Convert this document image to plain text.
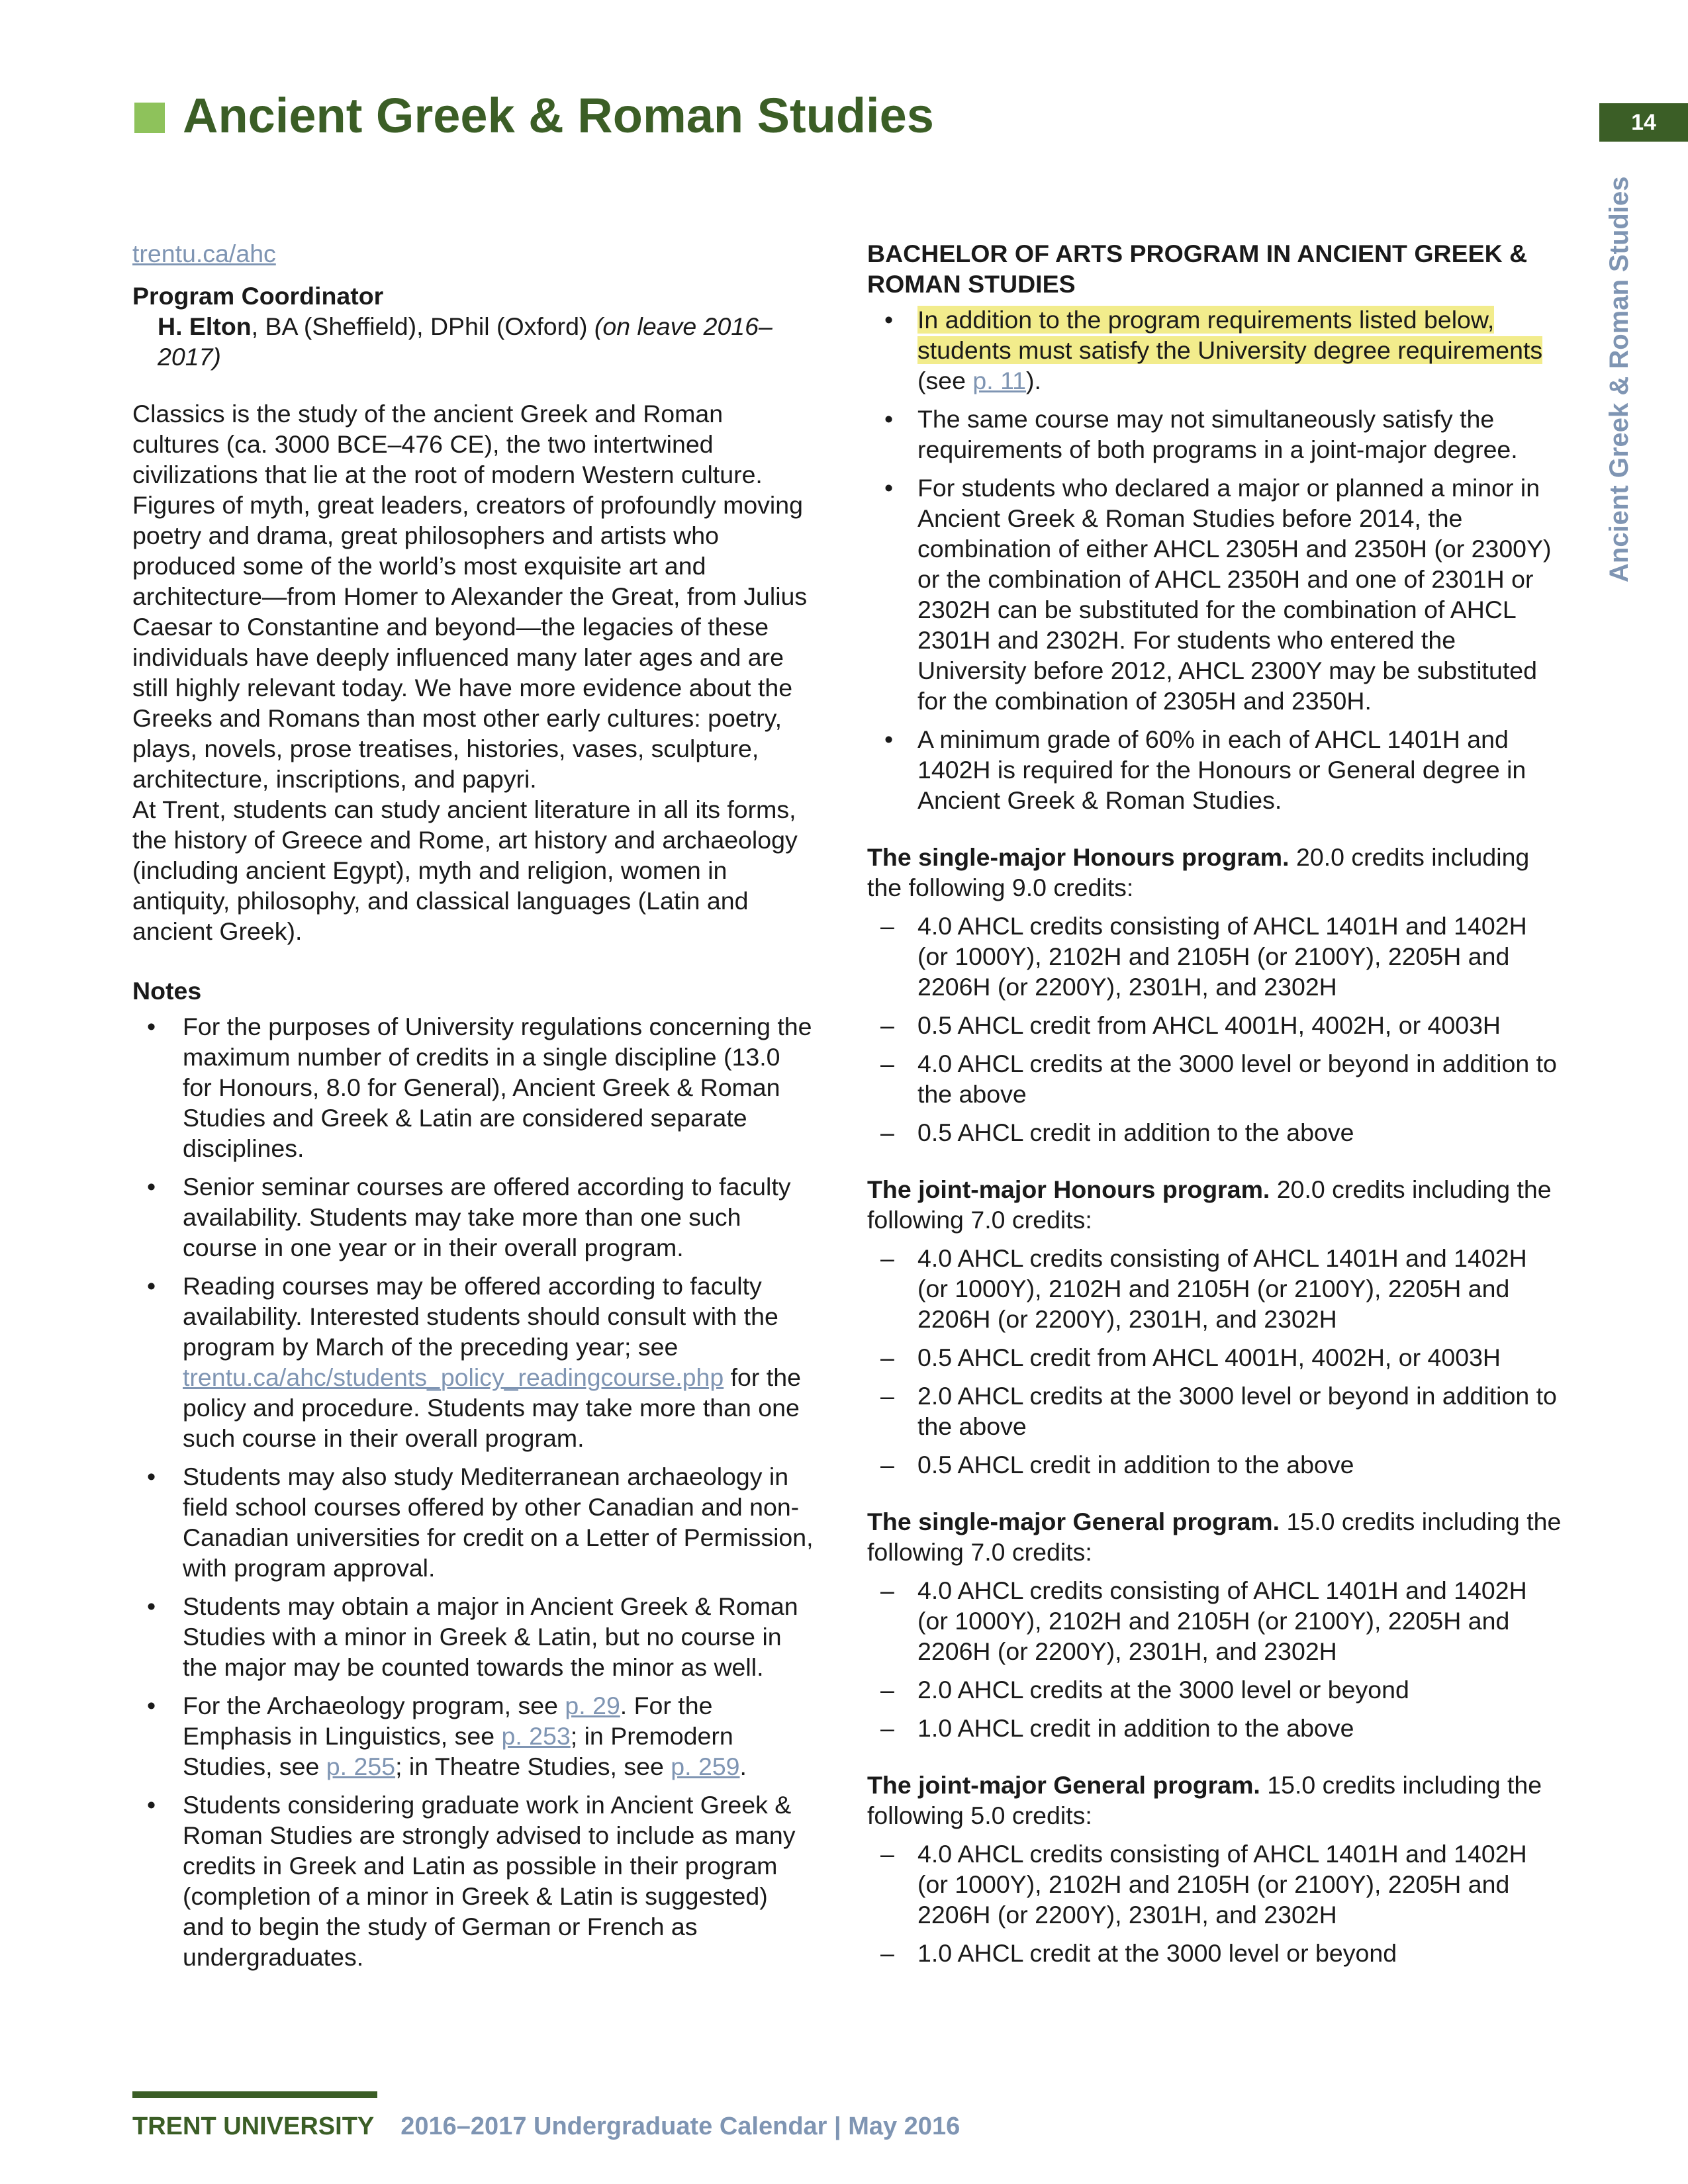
Ancient Greek & Roman Studies	14
Ancient Greek & Roman Studies
trentu.ca/ahc

Program Coordinator

H. Elton, BA (Sheffield), DPhil (Oxford) (on leave 2016–2017)

Classics is the study of the ancient Greek and Roman cultures (ca. 3000 BCE–476 CE), the two intertwined civilizations that lie at the root of modern Western culture. Figures of myth, great leaders, creators of profoundly moving poetry and drama, great philosophers and artists who produced some of the world’s most exquisite art and architecture—from Homer to Alexander the Great, from Julius Caesar to Constantine and beyond—the legacies of these individuals have deeply influenced many later ages and are still highly relevant today. We have more evidence about the Greeks and Romans than most other early cultures: poetry, plays, novels, prose treatises, histories, vases, sculpture, architecture, inscriptions, and papyri.

At Trent, students can study ancient literature in all its forms, the history of Greece and Rome, art history and archaeology (including ancient Egypt), myth and religion, women in antiquity, philosophy, and classical languages (Latin and ancient Greek).

Notes

• For the purposes of University regulations concerning the maximum number of credits in a single discipline (13.0 for Honours, 8.0 for General), Ancient Greek & Roman Studies and Greek & Latin are considered separate disciplines.
• Senior seminar courses are offered according to faculty availability. Students may take more than one such course in one year or in their overall program.
• Reading courses may be offered according to faculty availability. Interested students should consult with the program by March of the preceding year; see trentu.ca/ahc/students_policy_readingcourse.php for the policy and procedure. Students may take more than one such course in their overall program.
• Students may also study Mediterranean archaeology in field school courses offered by other Canadian and non-Canadian universities for credit on a Letter of Permission, with program approval.
• Students may obtain a major in Ancient Greek & Roman Studies with a minor in Greek & Latin, but no course in the major may be counted towards the minor as well.
• For the Archaeology program, see p. 29. For the Emphasis in Linguistics, see p. 253; in Premodern Studies, see p. 255; in Theatre Studies, see p. 259.
• Students considering graduate work in Ancient Greek & Roman Studies are strongly advised to include as many credits in Greek and Latin as possible in their program (completion of a minor in Greek & Latin is suggested) and to begin the study of German or French as undergraduates.

BACHELOR OF ARTS PROGRAM IN ANCIENT GREEK & ROMAN STUDIES

• In addition to the program requirements listed below, students must satisfy the University degree requirements (see p. 11).
• The same course may not simultaneously satisfy the requirements of both programs in a joint-major degree.
• For students who declared a major or planned a minor in Ancient Greek & Roman Studies before 2014, the combination of either AHCL 2305H and 2350H (or 2300Y) or the combination of AHCL 2350H and one of 2301H or 2302H can be substituted for the combination of AHCL 2301H and 2302H. For students who entered the University before 2012, AHCL 2300Y may be substituted for the combination of 2305H and 2350H.
• A minimum grade of 60% in each of AHCL 1401H and 1402H is required for the Honours or General degree in Ancient Greek & Roman Studies.

The single-major Honours program. 20.0 credits including the following 9.0 credits:

– 4.0 AHCL credits consisting of AHCL 1401H and 1402H (or 1000Y), 2102H and 2105H (or 2100Y), 2205H and 2206H (or 2200Y), 2301H, and 2302H
– 0.5 AHCL credit from AHCL 4001H, 4002H, or 4003H
– 4.0 AHCL credits at the 3000 level or beyond in addition to the above
– 0.5 AHCL credit in addition to the above

The joint-major Honours program. 20.0 credits including the following 7.0 credits:

– 4.0 AHCL credits consisting of AHCL 1401H and 1402H (or 1000Y), 2102H and 2105H (or 2100Y), 2205H and 2206H (or 2200Y), 2301H, and 2302H
– 0.5 AHCL credit from AHCL 4001H, 4002H, or 4003H
– 2.0 AHCL credits at the 3000 level or beyond in addition to the above
– 0.5 AHCL credit in addition to the above

The single-major General program. 15.0 credits including the following 7.0 credits:

– 4.0 AHCL credits consisting of AHCL 1401H and 1402H (or 1000Y), 2102H and 2105H (or 2100Y), 2205H and 2206H (or 2200Y), 2301H, and 2302H
– 2.0 AHCL credits at the 3000 level or beyond
– 1.0 AHCL credit in addition to the above

The joint-major General program. 15.0 credits including the following 5.0 credits:

– 4.0 AHCL credits consisting of AHCL 1401H and 1402H (or 1000Y), 2102H and 2105H (or 2100Y), 2205H and 2206H (or 2200Y), 2301H, and 2302H
– 1.0 AHCL credit at the 3000 level or beyond
TRENT UNIVERSITY 2016–2017 Undergraduate Calendar | May 2016
